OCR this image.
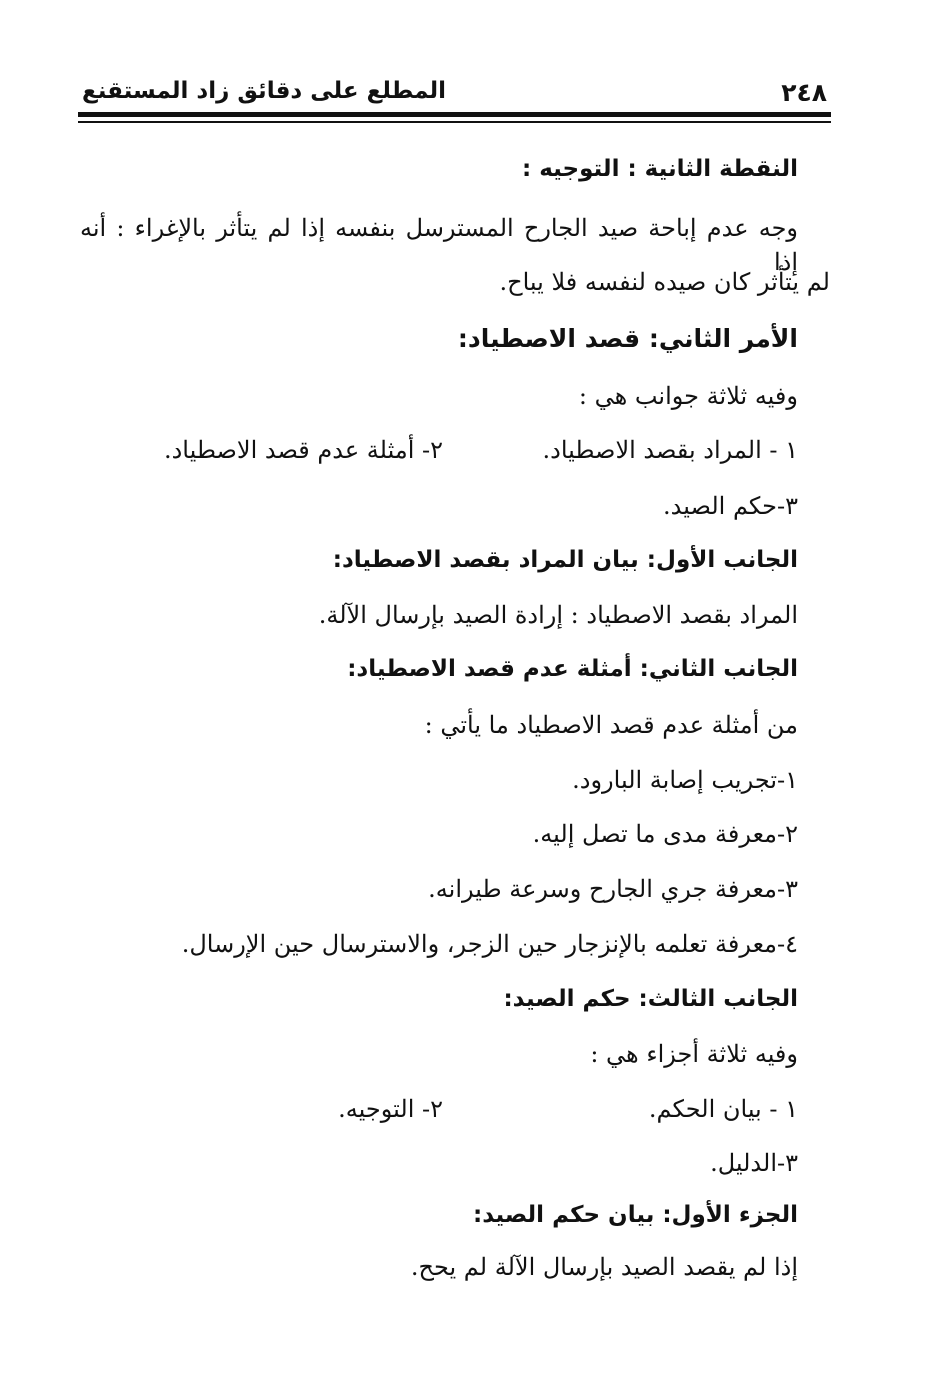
٢٤٨
المطلع على دقائق زاد المستقنع
النقطة الثانية : التوجيه :
وجه عدم إباحة صيد الجارح المسترسل بنفسه إذا لم يتأثر بالإغراء : أنه إذا
لم يتأثر كان صيده لنفسه فلا يباح.
الأمر الثاني: قصد الاصطياد:
وفيه ثلاثة جوانب هي :
١ - المراد بقصد الاصطياد.
٢- أمثلة عدم قصد الاصطياد.
٣-حكم الصيد.
الجانب الأول: بيان المراد بقصد الاصطياد:
المراد بقصد الاصطياد : إرادة الصيد بإرسال الآلة.
الجانب الثاني: أمثلة عدم قصد الاصطياد:
من أمثلة عدم قصد الاصطياد ما يأتي :
١-تجريب إصابة البارود.
٢-معرفة مدى ما تصل إليه.
٣-معرفة جري الجارح وسرعة طيرانه.
٤-معرفة تعلمه بالإنزجار حين الزجر، والاسترسال حين الإرسال.
الجانب الثالث: حكم الصيد:
وفيه ثلاثة أجزاء هي :
١ - بيان الحكم.
٢- التوجيه.
٣-الدليل.
الجزء الأول: بيان حكم الصيد:
إذا لم يقصد الصيد بإرسال الآلة لم يحح.
